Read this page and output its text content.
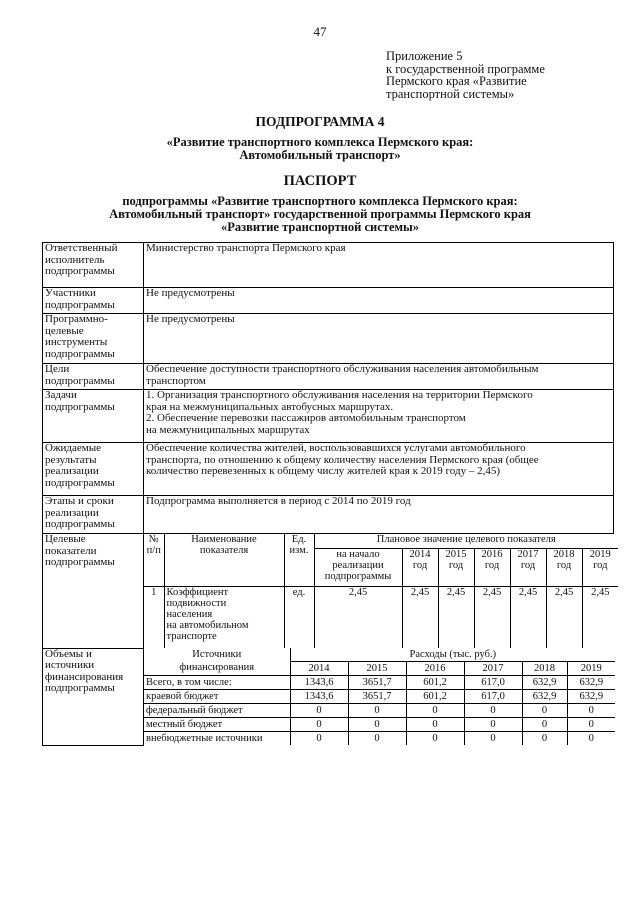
47
Приложение 5
к государственной программе
Пермского края «Развитие
транспортной системы»
ПОДПРОГРАММА 4
«Развитие транспортного комплекса Пермского края:
Автомобильный транспорт»
ПАСПОРТ
подпрограммы «Развитие транспортного комплекса Пермского края:
Автомобильный транспорт» государственной программы Пермского края
«Развитие транспортной системы»
Ответственный
исполнитель
подпрограммы
	Министерство транспорта Пермского края

Участники
подпрограммы
	Не предусмотрены

Программно-
целевые
инструменты
подпрограммы
	Не предусмотрены

Цели
подпрограммы

Обеспечение доступности транспортного обслуживания населения автомобильным
транспортом

Задачи
подпрограммы

1. Организация транспортного обслуживания населения на территории Пермского
края на межмуниципальных автобусных маршрутах.
2. Обеспечение перевозки пассажиров автомобильным транспортом
на межмуниципальных маршрутах

Ожидаемые
результаты
реализации
подпрограммы

Обеспечение количества жителей, воспользовавшихся услугами автомобильного
транспорта, по отношению к общему количеству населения Пермского края (общее
количество перевезенных к общему числу жителей края к 2019 году – 2,45)

Этапы и сроки
реализации
подпрограммы
	Подпрограмма выполняется в период с 2014 по 2019 год

Целевые
показатели
подпрограммы

№
п/п

Наименование
показателя

Ед.
изм.
	Плановое значение целевого показателя

на начало
реализации
подпрограммы

2014
год

2015
год

2016
год

2017
год

2018
год

2019
год

1	Коэффициент
подвижности
населения
на автомобильном
транспорте
	ед.	2,45	2,45	2,45	2,45	2,45	2,45	2,45

Объемы и источники
финансирования
подпрограммы

Источники
финансирования
	Расходы (тыс. руб.)
2014	2015	2016	2017	2018	2019
Всего, в том числе:	1343,6	3651,7	601,2	617,0	632,9	632,9
краевой бюджет	1343,6	3651,7	601,2	617,0	632,9	632,9
федеральный бюджет	0	0	0	0	0	0
местный бюджет	0	0	0	0	0	0
внебюджетные источники	0	0	0	0	0	0
